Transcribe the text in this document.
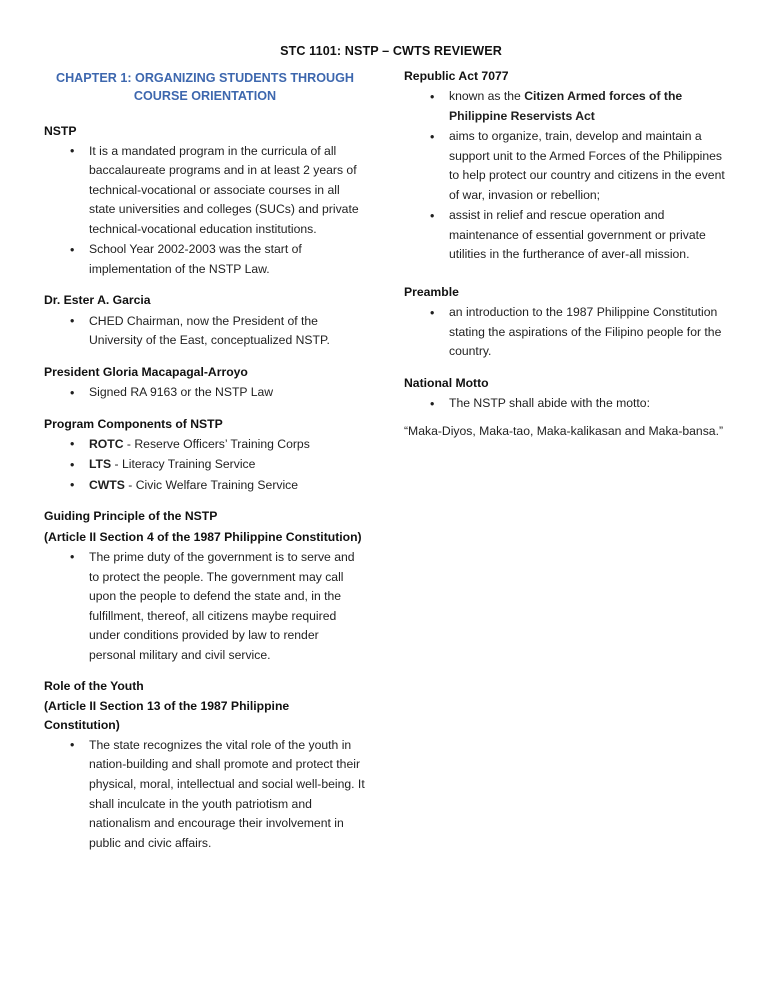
STC 1101: NSTP – CWTS REVIEWER
CHAPTER 1: ORGANIZING STUDENTS THROUGH COURSE ORIENTATION
NSTP
• It is a mandated program in the curricula of all baccalaureate programs and in at least 2 years of technical-vocational or associate courses in all state universities and colleges (SUCs) and private technical-vocational education institutions.
• School Year 2002-2003 was the start of implementation of the NSTP Law.
Dr. Ester A. Garcia
• CHED Chairman, now the President of the University of the East, conceptualized NSTP.
President Gloria Macapagal-Arroyo
• Signed RA 9163 or the NSTP Law
Program Components of NSTP
• ROTC - Reserve Officers’ Training Corps
• LTS - Literacy Training Service
• CWTS - Civic Welfare Training Service
Guiding Principle of the NSTP
(Article II Section 4 of the 1987 Philippine Constitution)
• The prime duty of the government is to serve and to protect the people. The government may call upon the people to defend the state and, in the fulfillment, thereof, all citizens maybe required under conditions provided by law to render personal military and civil service.
Role of the Youth
(Article II Section 13 of the 1987 Philippine Constitution)
• The state recognizes the vital role of the youth in nation-building and shall promote and protect their physical, moral, intellectual and social well-being. It shall inculcate in the youth patriotism and nationalism and encourage their involvement in public and civic affairs.
Republic Act 7077
• known as the Citizen Armed forces of the Philippine Reservists Act
• aims to organize, train, develop and maintain a support unit to the Armed Forces of the Philippines to help protect our country and citizens in the event of war, invasion or rebellion;
• assist in relief and rescue operation and maintenance of essential government or private utilities in the furtherance of aver-all mission.
Preamble
• an introduction to the 1987 Philippine Constitution stating the aspirations of the Filipino people for the country.
National Motto
• The NSTP shall abide with the motto:
“Maka-Diyos, Maka-tao, Maka-kalikasan and Maka-bansa.”
